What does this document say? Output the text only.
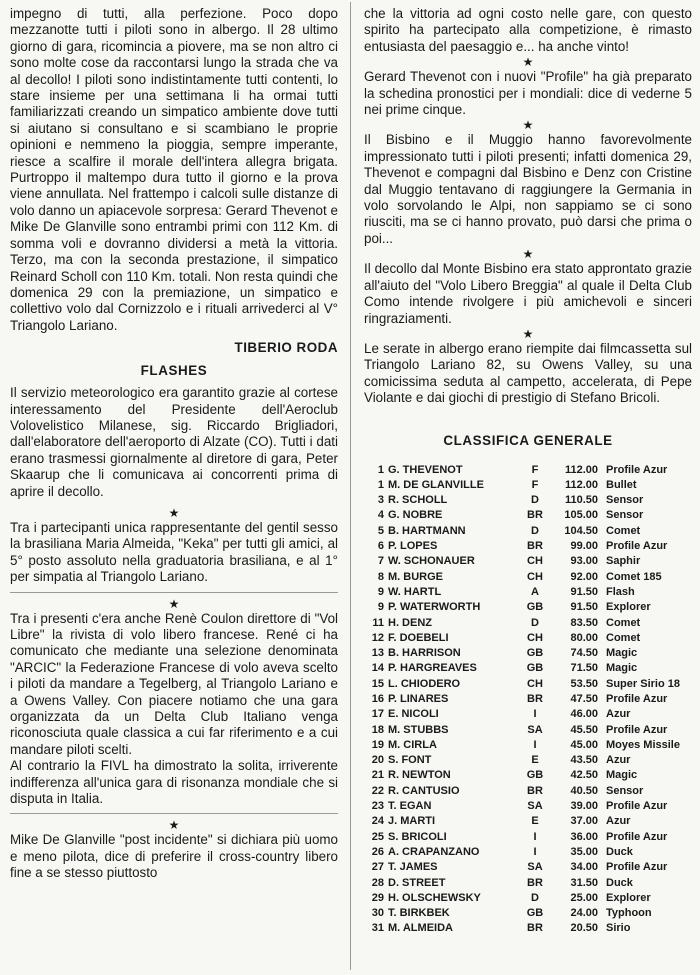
impegno di tutti, alla perfezione. Poco dopo mezzanotte tutti i piloti sono in albergo. Il 28 ultimo giorno di gara, ricomincia a piovere, ma se non altro ci sono molte cose da raccontarsi lungo la strada che va al decollo! I piloti sono indistintamente tutti contenti, lo stare insieme per una settimana li ha ormai tutti familiarizzati creando un simpatico ambiente dove tutti si aiutano si consultano e si scambiano le proprie opinioni e nemmeno la pioggia, sempre imperante, riesce a scalfire il morale dell'intera allegra brigata. Purtroppo il maltempo dura tutto il giorno e la prova viene annullata. Nel frattempo i calcoli sulle distanze di volo danno un apiacevole sorpresa: Gerard Thevenot e Mike De Glanville sono entrambi primi con 112 Km. di somma voli e dovranno dividersi a metà la vittoria. Terzo, ma con la seconda prestazione, il simpatico Reinard Scholl con 110 Km. totali. Non resta quindi che domenica 29 con la premiazione, un simpatico e collettivo volo dal Cornizzolo e i rituali arrivederci al V° Triangolo Lariano.

TIBERIO RODA
FLASHES

Il servizio meteorologico era garantito grazie al cortese interessamento del Presidente dell'Aeroclub Volovelistico Milanese, sig. Riccardo Brigliadori, dall'elaboratore dell'aeroporto di Alzate (CO). Tutti i dati erano trasmessi giornalmente al diretore di gara, Peter Skaarup che li comunicava ai concorrenti prima di aprire il decollo.

★

Tra i partecipanti unica rappresentante del gentil sesso la brasiliana Maria Almeida, "Keka" per tutti gli amici, al 5° posto assoluto nella graduatoria brasiliana, e al 1° per simpatia al Triangolo Lariano.

★

Tra i presenti c'era anche Renè Coulon direttore di "Vol Libre" la rivista di volo libero francese. René ci ha comunicato che mediante una selezione denominata "ARCIC" la Federazione Francese di volo aveva scelto i piloti da mandare a Tegelberg, al Triangolo Lariano e a Owens Valley. Con piacere notiamo che una gara organizzata da un Delta Club Italiano venga riconosciuta quale classica a cui far riferimento e a cui mandare piloti scelti.

Al contrario la FIVL ha dimostrato la solita, irriverente indifferenza all'unica gara di risonanza mondiale che si disputa in Italia.

★

Mike De Glanville "post incidente" si dichiara più uomo e meno pilota, dice di preferire il cross-country libero fine a se stesso piuttosto

che la vittoria ad ogni costo nelle gare, con questo spirito ha partecipato alla competizione, è rimasto entusiasta del paesaggio e... ha anche vinto!

★

Gerard Thevenot con i nuovi "Profile" ha già preparato la schedina pronostici per i mondiali: dice di vederne 5 nei prime cinque.

★

Il Bisbino e il Muggio hanno favorevolmente impressionato tutti i piloti presenti; infatti domenica 29, Thevenot e compagni dal Bisbino e Denz con Cristine dal Muggio tentavano di raggiungere la Germania in volo sorvolando le Alpi, non sappiamo se ci sono riusciti, ma se ci hanno provato, può darsi che prima o poi...

★

Il decollo dal Monte Bisbino era stato approntato grazie all'aiuto del "Volo Libero Breggia" al quale il Delta Club Como intende rivolgere i più amichevoli e sinceri ringraziamenti.

★

Le serate in albergo erano riempite dai filmcassetta sul Triangolo Lariano 82, su Owens Valley, su una comicissima seduta al campetto, accelerata, di Pepe Violante e dai giochi di prestigio di Stefano Bricoli.

CLASSIFICA GENERALE
1	G. THEVENOT	F	112.00	Profile Azur
1	M. DE GLANVILLE	F	112.00	Bullet
3	R. SCHOLL	D	110.50	Sensor
4	G. NOBRE	BR	105.00	Sensor
5	B. HARTMANN	D	104.50	Comet
6	P. LOPES	BR	99.00	Profile Azur
7	W. SCHONAUER	CH	93.00	Saphir
8	M. BURGE	CH	92.00	Comet 185
9	W. HARTL	A	91.50	Flash
9	P. WATERWORTH	GB	91.50	Explorer
11	H. DENZ	D	83.50	Comet
12	F. DOEBELI	CH	80.00	Comet
13	B. HARRISON	GB	74.50	Magic
14	P. HARGREAVES	GB	71.50	Magic
15	L. CHIODERO	CH	53.50	Super Sirio 18
16	P. LINARES	BR	47.50	Profile Azur
17	E. NICOLI	I	46.00	Azur
18	M. STUBBS	SA	45.50	Profile Azur
19	M. CIRLA	I	45.00	Moyes Missile
20	S. FONT	E	43.50	Azur
21	R. NEWTON	GB	42.50	Magic
22	R. CANTUSIO	BR	40.50	Sensor
23	T. EGAN	SA	39.00	Profile Azur
24	J. MARTI	E	37.00	Azur
25	S. BRICOLI	I	36.00	Profile Azur
26	A. CRAPANZANO	I	35.00	Duck
27	T. JAMES	SA	34.00	Profile Azur
28	D. STREET	BR	31.50	Duck
29	H. OLSCHEWSKY	D	25.00	Explorer
30	T. BIRKBEK	GB	24.00	Typhoon
31	M. ALMEIDA	BR	20.50	Sirio
